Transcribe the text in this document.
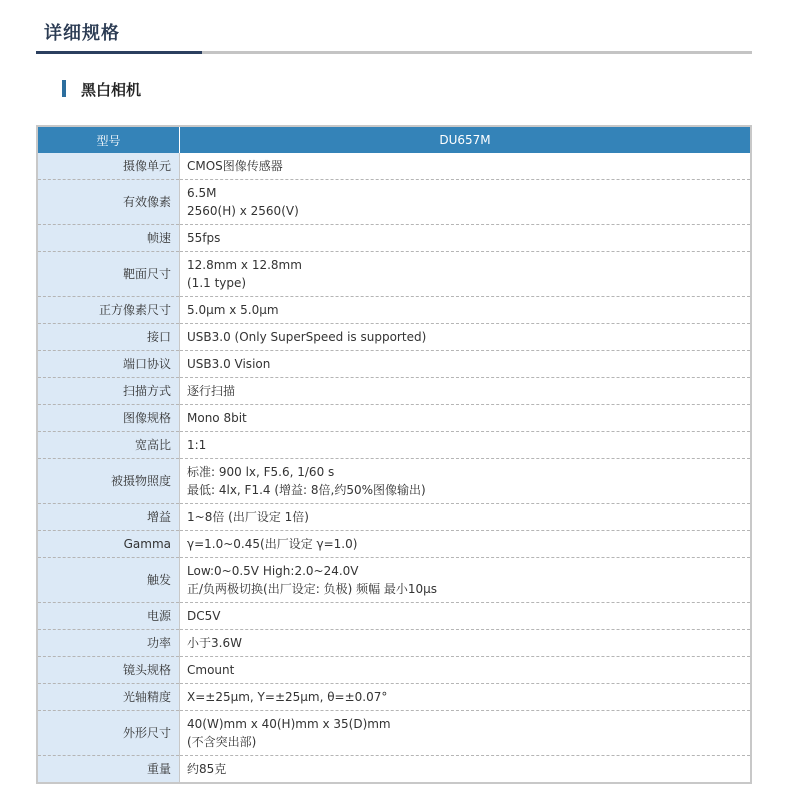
详细规格
黑白相机
型号	DU657M
摄像单元	CMOS图像传感器

有效像素	6.5M
2560(H) x 2560(V)

帧速	55fps

靶面尺寸	12.8mm x 12.8mm
(1.1 type)

正方像素尺寸	5.0μm x 5.0μm

接口	USB3.0 (Only SuperSpeed is supported)

端口协议	USB3.0 Vision

扫描方式	逐行扫描

图像规格	Mono 8bit

宽高比	1:1

被摄物照度	标准: 900 lx, F5.6, 1/60 s
最低: 4lx, F1.4 (增益: 8倍,约50%图像输出)

增益	1~8倍 (出厂设定 1倍)

Gamma	γ=1.0~0.45(出厂设定 γ=1.0)

触发	Low:0~0.5V High:2.0~24.0V
正/负两极切换(出厂设定: 负极) 频幅 最小10μs

电源	DC5V

功率	小于3.6W

镜头规格	Cmount

光轴精度	X=±25μm, Y=±25μm, θ=±0.07°

外形尺寸	40(W)mm x 40(H)mm x 35(D)mm
(不含突出部)

重量	约85克
